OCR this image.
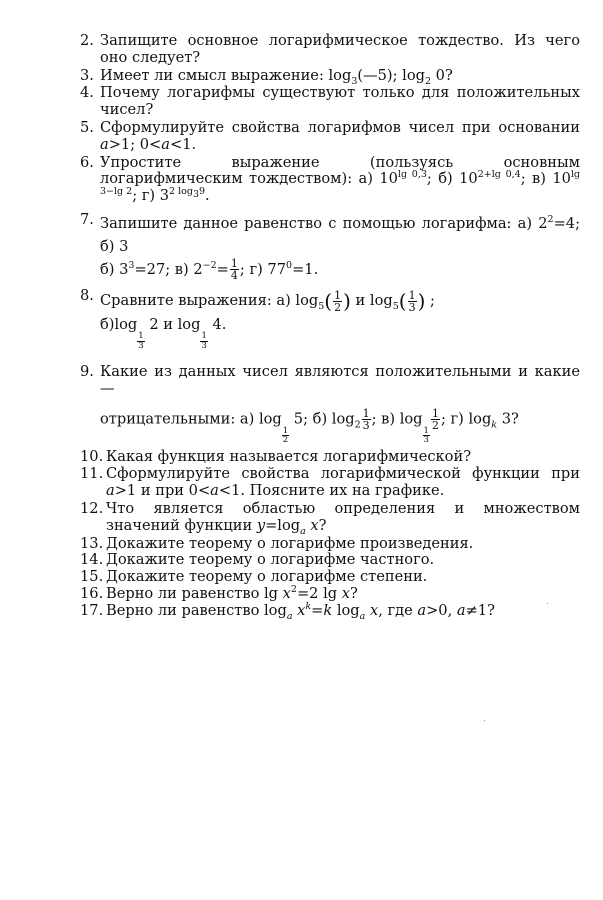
2. Запищите основное логарифмическое тождество. Из чего оно следует?
3. Имеет ли смысл выражение: $\log_3(—5)$; $\log_2 0$?
4. Почему логарифмы существуют только для положительных чисел?
5. Сформулируйте свойства логарифмов чисел при основании a>1; 0<a<1.
6. Упростите выражение (пользуясь основным логарифмическим тождеством): а) $10^{lg 0,3}$; б) $10^{2+lg 0,4}$; в) $10^{lg 3-lg 2}$; г) $3^{2 log_39}$.
7. Запишите данное равенство с помощью логарифма: а) $2^2=4$; б) 3
б) $3^3=27$; в) $2^{-2}= \frac{1}{4}$ ; г) $77^0=1$.
8. Сравните выражения: а) $\log_5( \frac{1}{2}$ ) и $\log_5( \frac{1}{3}$ ) ;
б)log
$\frac{1}{3}$
2 и log
$\frac{1}{3}$
4.
9. Какие из данных чисел являются положительными и какие —
отрицательными: а) log
$\frac{1}{2}$
5; б) $\log_2 \frac{1}{3}$ ; в) log
$\frac{1}{3}$
$\frac{1}{2}$ ; г) $\log_k 3$?
10. Какая функция называется логарифмической?
11. Сформулируйте свойства логарифмической функции при a>1 и при 0<a<1. Поясните их на графике.
12. Что является областью определения и множеством значений функции $y=\log_a$ x?
13. Докажите теорему о логарифме произведения.
14. Докажите теорему о логарифме частного.
15. Докажите теорему о логарифме степени.
16. Верно ли равенство $\lg x^2=2$ lg x?
17. Верно ли равенство $\log_a x^k=k$ $\log_a x$, где a>0, a≠1?
